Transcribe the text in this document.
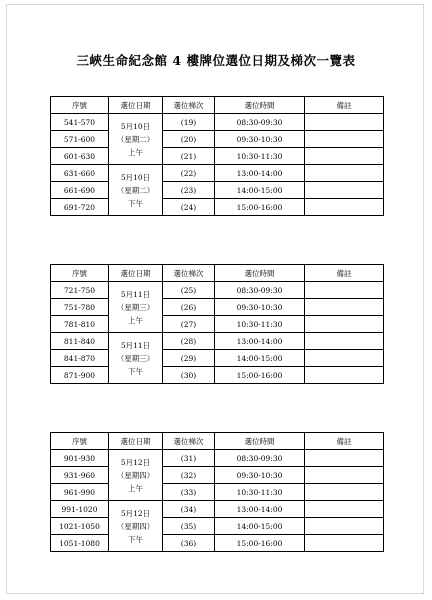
三峽生命紀念館 4 樓牌位選位日期及梯次一覽表
序號	選位日期	選位梯次	選位時間	備註
541-570	5月10日
（星期二）
上午	(19)	08:30-09:30	
571-600		(20)	09:30-10:30	
601-630		(21)	10:30-11:30	
631-660	5月10日
（星期二）
下午	(22)	13:00-14:00	
661-690		(23)	14:00-15:00	
691-720		(24)	15:00-16:00	
序號	選位日期	選位梯次	選位時間	備註
721-750	5月11日
（星期三）
上午	(25)	08:30-09:30	
751-780		(26)	09:30-10:30	
781-810		(27)	10:30-11:30	
811-840	5月11日
（星期三）
下午	(28)	13:00-14:00	
841-870		(29)	14:00-15:00	
871-900		(30)	15:00-16:00	
序號	選位日期	選位梯次	選位時間	備註
901-930	5月12日
（星期四）
上午	(31)	08:30-09:30	
931-960		(32)	09:30-10:30	
961-990		(33)	10:30-11:30	
991-1020	5月12日
（星期四）
下午	(34)	13:00-14:00	
1021-1050		(35)	14:00-15:00	
1051-1080		(36)	15:00-16:00	
